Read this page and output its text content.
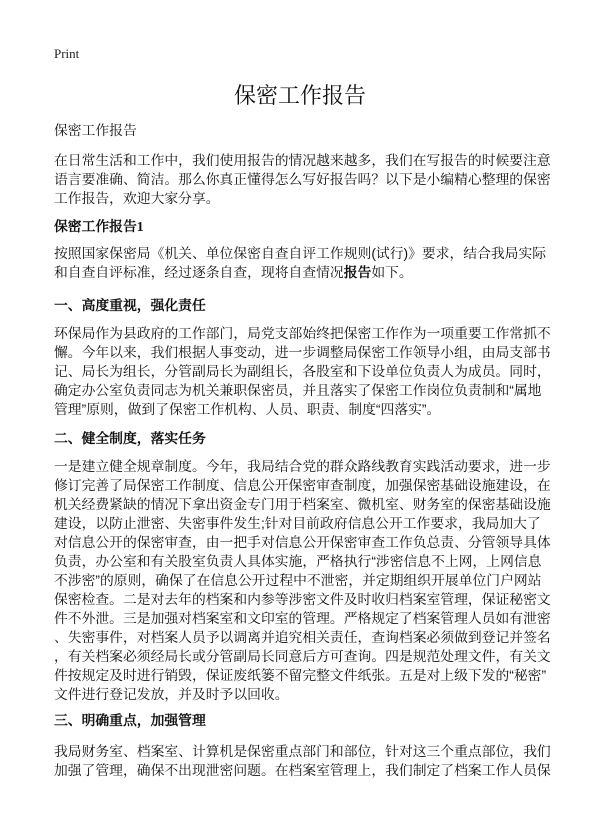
Print
保密工作报告
保密工作报告
在日常生活和工作中，我们使用报告的情况越来越多，我们在写报告的时候要注意
语言要准确、简洁。那么你真正懂得怎么写好报告吗？以下是小编精心整理的保密
工作报告，欢迎大家分享。
保密工作报告1
按照国家保密局《机关、单位保密自查自评工作规则(试行)》要求，结合我局实际
和自查自评标准，经过逐条自查，现将自查情况报告如下。
一、高度重视，强化责任
环保局作为县政府的工作部门，局党支部始终把保密工作作为一项重要工作常抓不
懈。今年以来，我们根据人事变动，进一步调整局保密工作领导小组，由局支部书
记、局长为组长，分管副局长为副组长，各股室和下设单位负责人为成员。同时，
确定办公室负责同志为机关兼职保密员，并且落实了保密工作岗位负责制和“属地
管理”原则，做到了保密工作机构、人员、职责、制度“四落实”。
二、健全制度，落实任务
一是建立健全规章制度。今年，我局结合党的群众路线教育实践活动要求，进一步
修订完善了局保密工作制度、信息公开保密审查制度，加强保密基础设施建设，在
机关经费紧缺的情况下拿出资金专门用于档案室、微机室、财务室的保密基础设施
建设，以防止泄密、失密事件发生;针对目前政府信息公开工作要求，我局加大了
对信息公开的保密审查，由一把手对信息公开保密审查工作负总责、分管领导具体
负责，办公室和有关股室负责人具体实施，严格执行“涉密信息不上网，上网信息
不涉密”的原则，确保了在信息公开过程中不泄密，并定期组织开展单位门户网站
保密检查。二是对去年的档案和内参等涉密文件及时收归档案室管理，保证秘密文
件不外泄。三是加强对档案室和文印室的管理。严格规定了档案管理人员如有泄密
、失密事件，对档案人员予以调离并追究相关责任，查询档案必须做到登记并签名
，有关档案必须经局长或分管副局长同意后方可查询。四是规范处理文件，有关文
件按规定及时进行销毁，保证废纸篓不留完整文件纸张。五是对上级下发的“秘密”
文件进行登记发放，并及时予以回收。
三、明确重点，加强管理
我局财务室、档案室、计算机是保密重点部门和部位，针对这三个重点部位，我们
加强了管理，确保不出现泄密问题。在档案室管理上，我们制定了档案工作人员保
